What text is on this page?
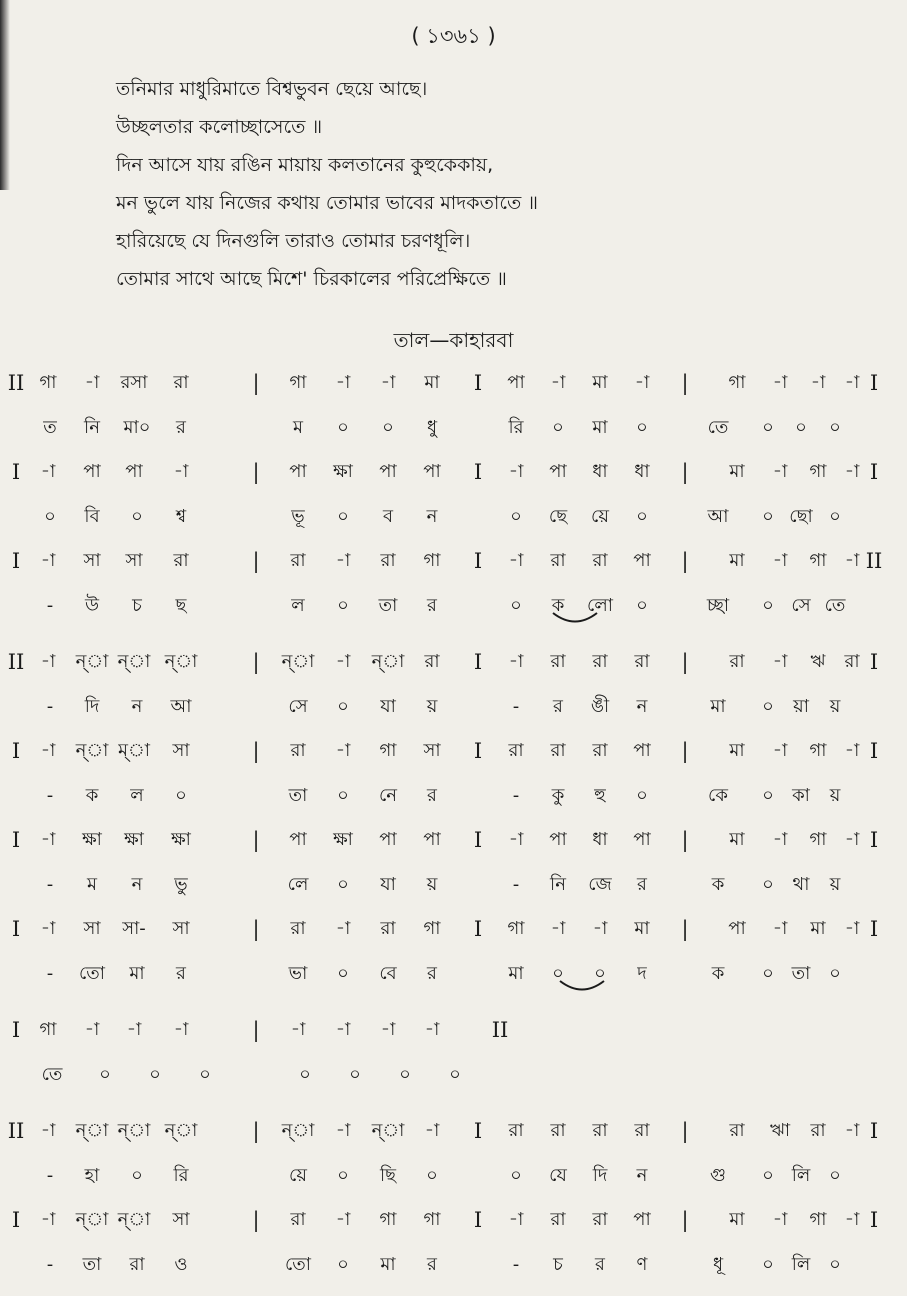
( ১৩৬১ )
তনিমার মাধুরিমাতে বিশ্বভুবন ছেয়ে আছে।
উচ্ছলতার কলোচ্ছাসেতে ॥
দিন আসে যায় রঙিন মায়ায় কলতানের কুহুকেকায়,
মন ভুলে যায় নিজের কথায় তোমার ভাবের মাদকতাতে ॥
হারিয়েছে যে দিনগুলি তারাও তোমার চরণধূলি।
তোমার সাথে আছে মিশে' চিরকালের পরিপ্রেক্ষিতে ॥
তাল—কাহারবা
II গা -া রসা রা	| গা -া -া মা I পা -া মা -া | গা -া -া -া I
ত নি মা০ র	ম ০ ০ ধু	রি ০ মা ০	তে ০ ০ ০
I -া পা পা -া	| পা ক্ষা পা পা I -া পা ধা ধা | মা -া গা -া I
০ বি ০ শ্ব	ভূ ০ ব ন	০ ছে য়ে ০	আ ০ ছো ০
I -া সা সা রা	| রা -া রা গা I -া রা রা পা | মা -া গা -া II
- উ চ ছ	ল ০ তা র	০ ক লো ০	চ্ছা ০ সে তে
II -া ন্া ন্া ন্া	| ন্া -া ন্া রা I -া রা রা রা | রা -া ঋ রা I
- দি ন আ	সে ০ যা য়	- র ঙী ন	মা ০ য়া য়
I -া ন্া ম্া সা	| রা -া গা সা I রা রা রা পা | মা -া গা -া I
- ক ল ০	তা ০ নে র	- কু হু ০	কে ০ কা য়
I -া ক্ষা ক্ষা ক্ষা	| পা ক্ষা পা পা I -া পা ধা পা | মা -া গা -া I
- ম ন ভু	লে ০ যা য়	- নি জে র	ক ০ থা য়
I -া সা সা- সা	| রা -া রা গা I গা -া -া মা | পা -া মা -া I
- তো মা র	ভা ০ বে র	মা ০ ০ দ	ক ০ তা ০
I গা -া -া -া	| -া -া -া -া II
তে ০ ০ ০	০ ০ ০ ০
II -া ন্া ন্া ন্া	| ন্া -া ন্া -া I রা রা রা রা | রা ঋা রা -া I
- হা ০ রি	য়ে ০ ছি ০	০ যে দি ন	গু ০ লি ০
I -া ন্া ন্া সা	| রা -া গা গা I -া রা রা পা | মা -া গা -া I
- তা রা ও	তো ০ মা র	- চ র ণ	ধূ ০ লি ০
